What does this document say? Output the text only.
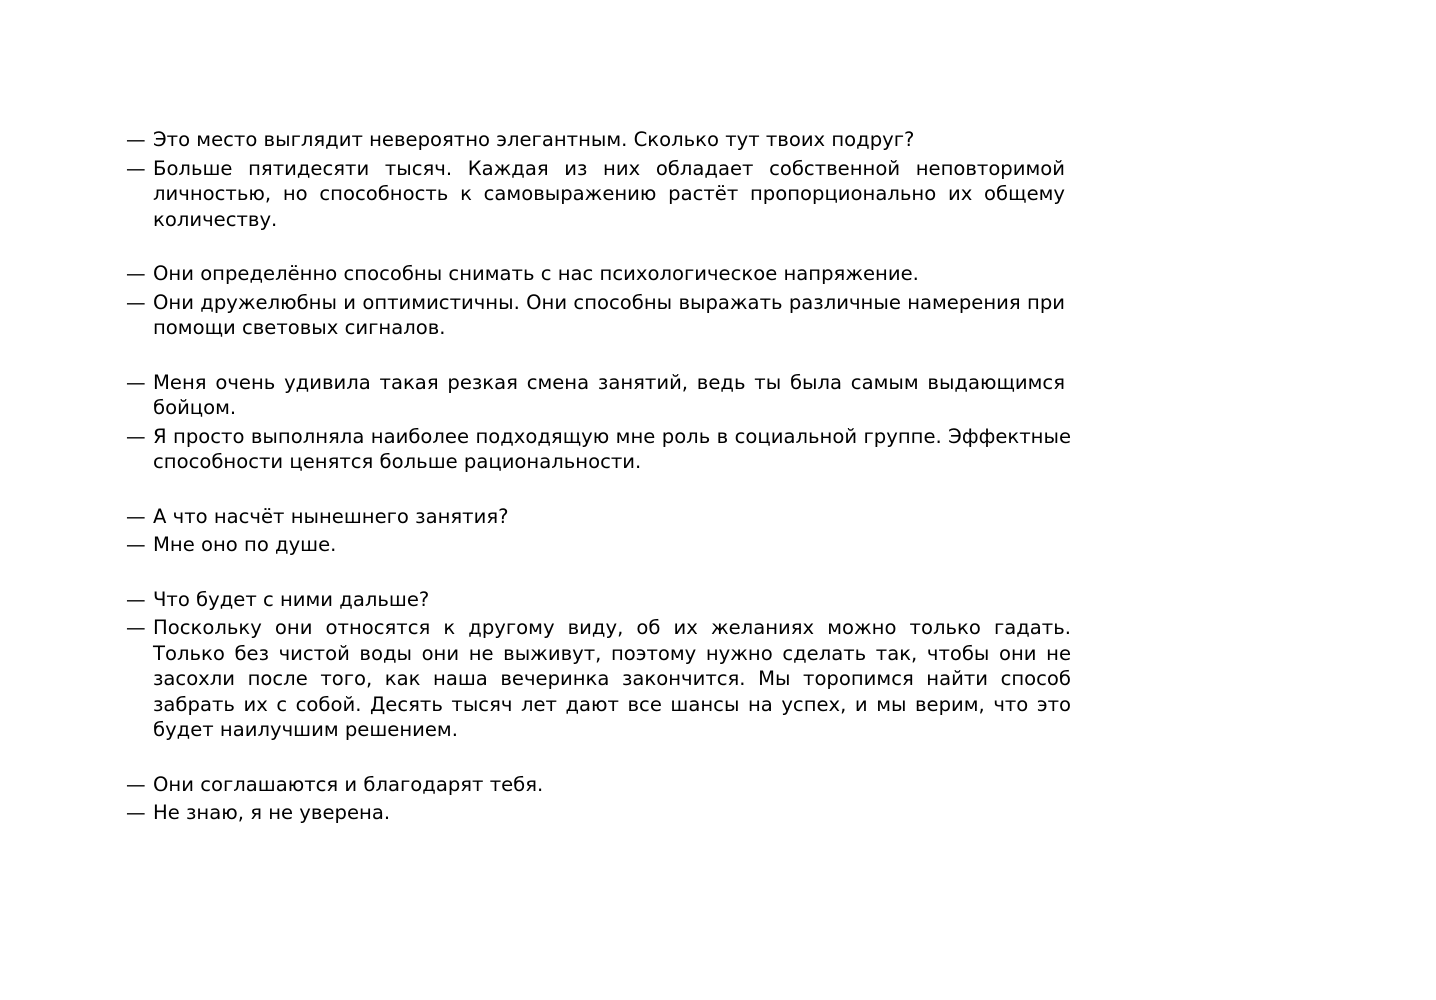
— Это место выглядит невероятно элегантным. Сколько тут твоих подруг?
— Больше пятидесяти тысяч. Каждая из них обладает собственной неповторимой личностью, но способность к самовыражению растёт пропорционально их общему количеству.
— Они определённо способны снимать с нас психологическое напряжение.
— Они дружелюбны и оптимистичны. Они способны выражать различные намерения при помощи световых сигналов.
— Меня очень удивила такая резкая смена занятий, ведь ты была самым выдающимся бойцом.
— Я просто выполняла наиболее подходящую мне роль в социальной группе. Эффектные способности ценятся больше рациональности.
— А что насчёт нынешнего занятия?
— Мне оно по душе.
— Что будет с ними дальше?
— Поскольку они относятся к другому виду, об их желаниях можно только гадать. Только без чистой воды они не выживут, поэтому нужно сделать так, чтобы они не засохли после того, как наша вечеринка закончится. Мы торопимся найти способ забрать их с собой. Десять тысяч лет дают все шансы на успех, и мы верим, что это будет наилучшим решением.
— Они соглашаются и благодарят тебя.
— Не знаю, я не уверена.
